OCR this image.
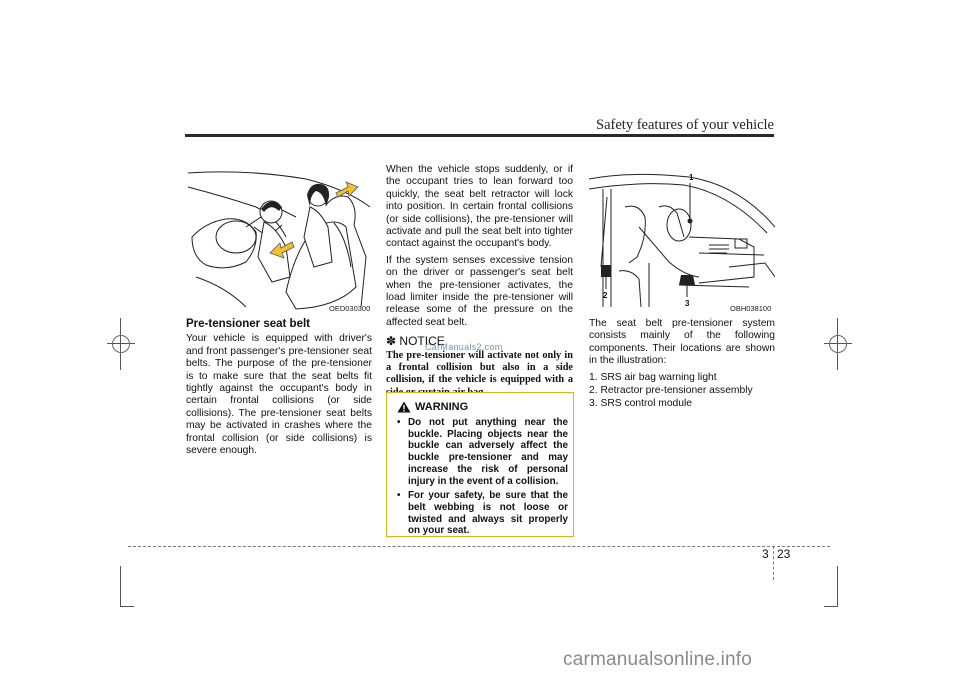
Safety features of your vehicle
OED030300
Pre-tensioner seat belt

Your vehicle is equipped with driver's and front passenger's pre-tensioner seat belts. The purpose of the pre-tensioner is to make sure that the seat belts fit tightly against the occupant's body in certain frontal collisions (or side collisions). The pre-tensioner seat belts may be activated in crashes where the frontal collision (or side collisions) is severe enough.

When the vehicle stops suddenly, or if the occupant tries to lean forward too quickly, the seat belt retractor will lock into position. In certain frontal collisions (or side collisions), the pre-tensioner will activate and pull the seat belt into tighter contact against the occupant's body.

If the system senses excessive tension on the driver or passenger's seat belt when the pre-tensioner activates, the load limiter inside the pre-tensioner will release some of the pressure on the affected seat belt.

✽ NOTICE
The pre-tensioner will activate not only in a frontal collision but also in a side collision, if the vehicle is equipped with a
CarManuals2.com
WARNING
• Do not put anything near the buckle. Placing objects near the buckle can adversely affect the buckle pre-tensioner and may increase the risk of personal injury in the event of a collision.
• For your safety, be sure that the belt webbing is not loose or twisted and always sit properly on your seat.
1
2
3
OBH038100

The seat belt pre-tensioner system consists mainly of the following components. Their locations are shown in the illustration:

1. SRS air bag warning light

2. Retractor pre-tensioner assembly

3. SRS control module

3 23
carmanualsonline.info
